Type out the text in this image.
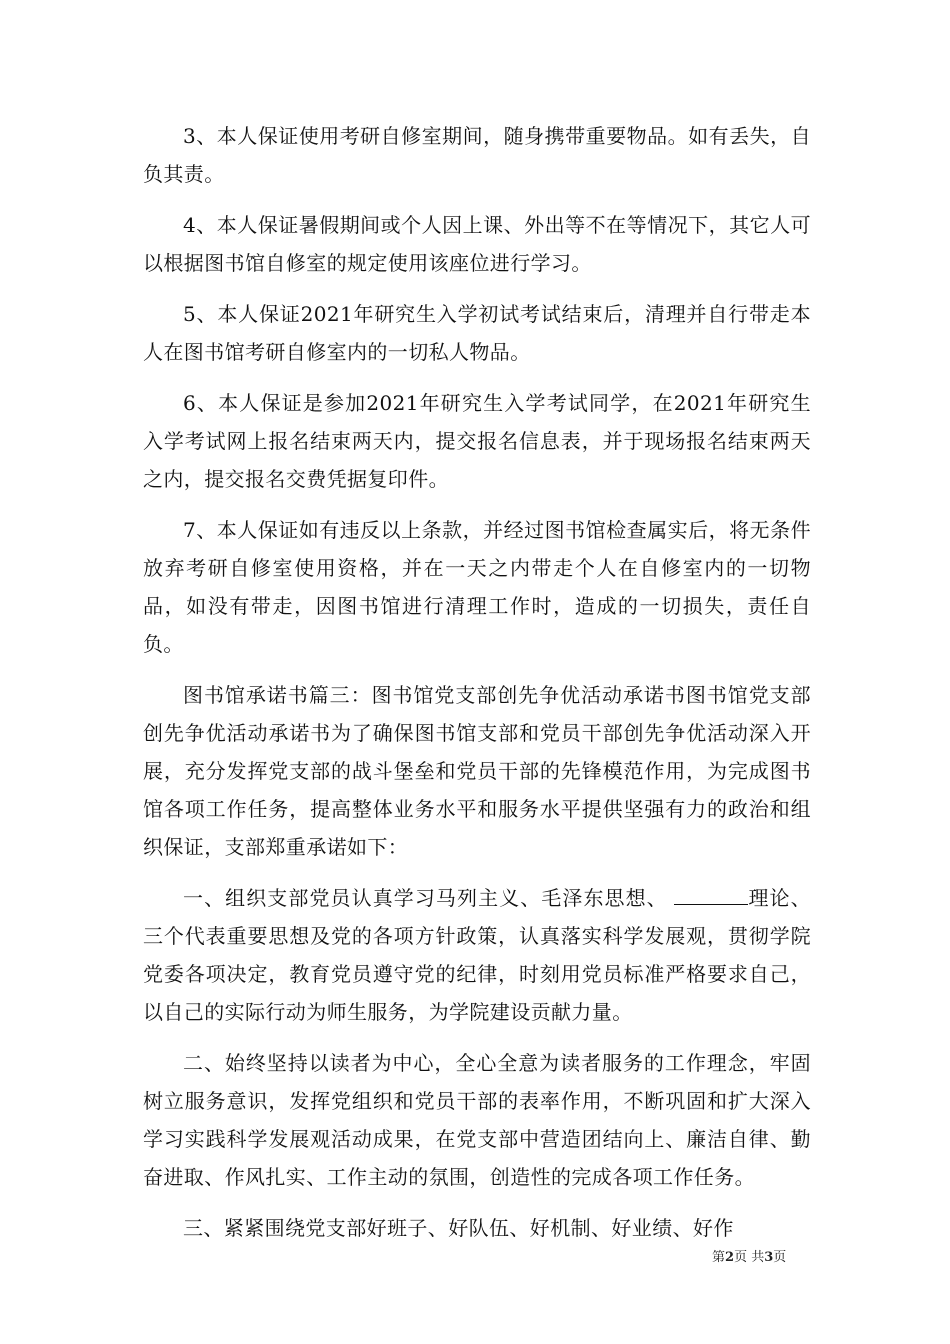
3、本人保证使用考研自修室期间，随身携带重要物品。如有丢失，自负其责。

4、本人保证暑假期间或个人因上课、外出等不在等情况下，其它人可以根据图书馆自修室的规定使用该座位进行学习。

5、本人保证2021年研究生入学初试考试结束后，清理并自行带走本人在图书馆考研自修室内的一切私人物品。

6、本人保证是参加2021年研究生入学考试同学，在2021年研究生入学考试网上报名结束两天内，提交报名信息表，并于现场报名结束两天之内，提交报名交费凭据复印件。

7、本人保证如有违反以上条款，并经过图书馆检查属实后，将无条件放弃考研自修室使用资格，并在一天之内带走个人在自修室内的一切物品，如没有带走，因图书馆进行清理工作时，造成的一切损失，责任自负。

图书馆承诺书篇三：图书馆党支部创先争优活动承诺书图书馆党支部创先争优活动承诺书为了确保图书馆支部和党员干部创先争优活动深入开展，充分发挥党支部的战斗堡垒和党员干部的先锋模范作用，为完成图书馆各项工作任务，提高整体业务水平和服务水平提供坚强有力的政治和组织保证，支部郑重承诺如下：

一、组织支部党员认真学习马列主义、毛泽东思想、	理论、三个代表重要思想及党的各项方针政策，认真落实科学发展观，贯彻学院党委各项决定，教育党员遵守党的纪律，时刻用党员标准严格要求自己，以自己的实际行动为师生服务，为学院建设贡献力量。

二、始终坚持以读者为中心，全心全意为读者服务的工作理念，牢固树立服务意识，发挥党组织和党员干部的表率作用，不断巩固和扩大深入学习实践科学发展观活动成果，在党支部中营造团结向上、廉洁自律、勤奋进取、作风扎实、工作主动的氛围，创造性的完成各项工作任务。

三、紧紧围绕党支部好班子、好队伍、好机制、好业绩、好作

第2页 共3页
